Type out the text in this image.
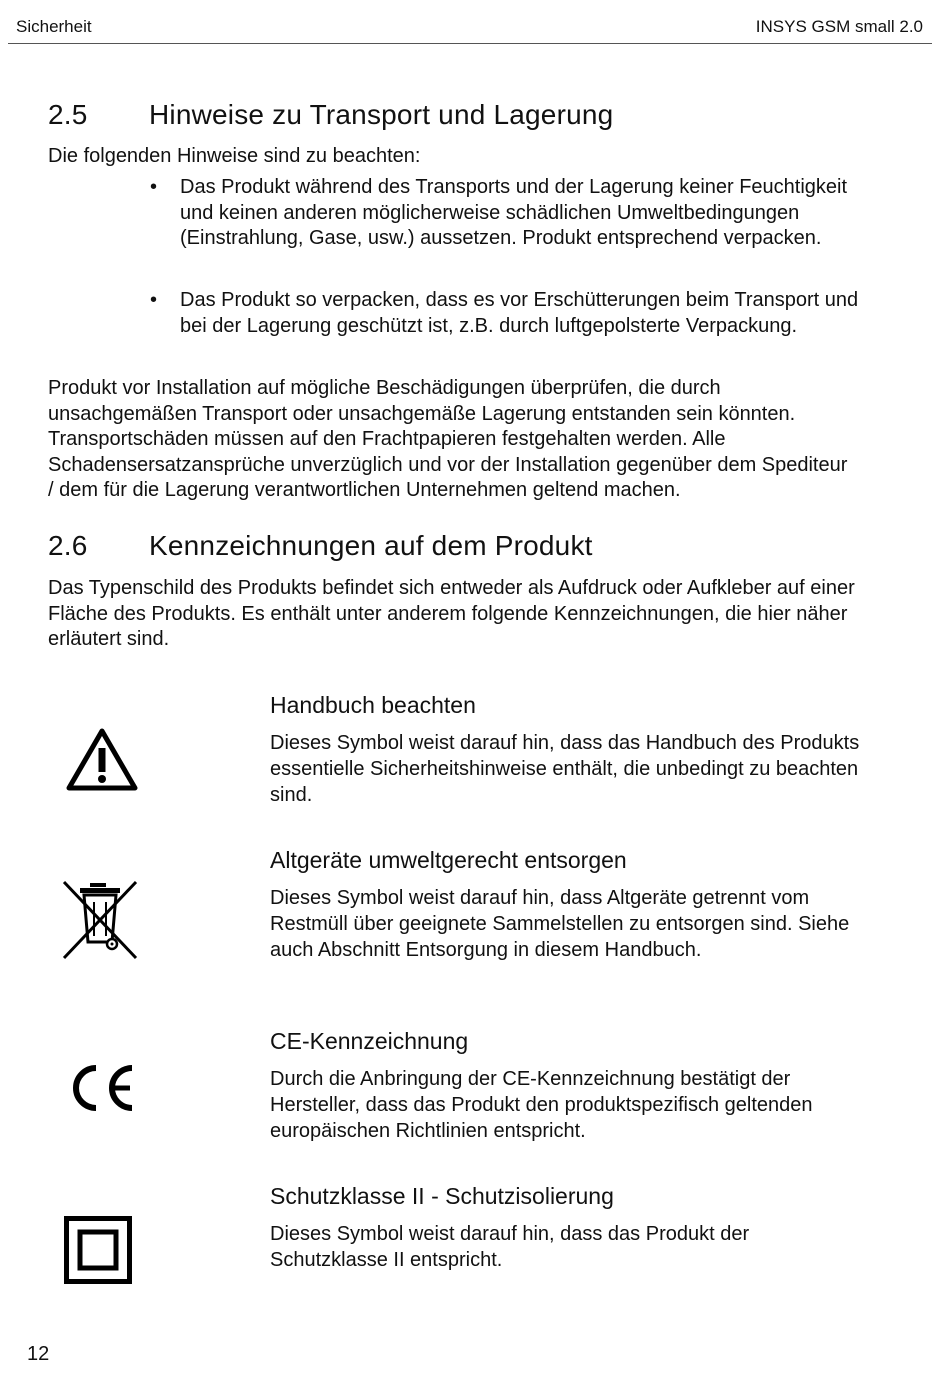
Sicherheit	INSYS GSM small 2.0
2.5 Hinweise zu Transport und Lagerung

Die folgenden Hinweise sind zu beachten:

• Das Produkt während des Transports und der Lagerung keiner Feuchtigkeit und keinen anderen möglicherweise schädlichen Umweltbedingungen (Einstrahlung, Gase, usw.) aussetzen. Produkt entsprechend verpacken.

• Das Produkt so verpacken, dass es vor Erschütterungen beim Transport und bei der Lagerung geschützt ist, z.B. durch luftgepolsterte Verpackung.

Produkt vor Installation auf mögliche Beschädigungen überprüfen, die durch unsachgemäßen Transport oder unsachgemäße Lagerung entstanden sein könnten. Transportschäden müssen auf den Frachtpapieren festgehalten werden. Alle Schadensersatzansprüche unverzüglich und vor der Installation gegenüber dem Spediteur / dem für die Lagerung verantwortlichen Unternehmen geltend machen.

2.6 Kennzeichnungen auf dem Produkt

Das Typenschild des Produkts befindet sich entweder als Aufdruck oder Aufkleber auf einer Fläche des Produkts. Es enthält unter anderem folgende Kennzeichnungen, die hier näher erläutert sind.

Handbuch beachten

Dieses Symbol weist darauf hin, dass das Handbuch des Produkts essentielle Sicherheitshinweise enthält, die unbedingt zu beachten sind.

Altgeräte umweltgerecht entsorgen

Dieses Symbol weist darauf hin, dass Altgeräte getrennt vom Restmüll über geeignete Sammelstellen zu entsorgen sind. Siehe auch Abschnitt Entsorgung in diesem Handbuch.

CE-Kennzeichnung

Durch die Anbringung der CE-Kennzeichnung bestätigt der Hersteller, dass das Produkt den produktspezifisch geltenden europäischen Richtlinien entspricht.

Schutzklasse II - Schutzisolierung

Dieses Symbol weist darauf hin, dass das Produkt der Schutzklasse II entspricht.

12
